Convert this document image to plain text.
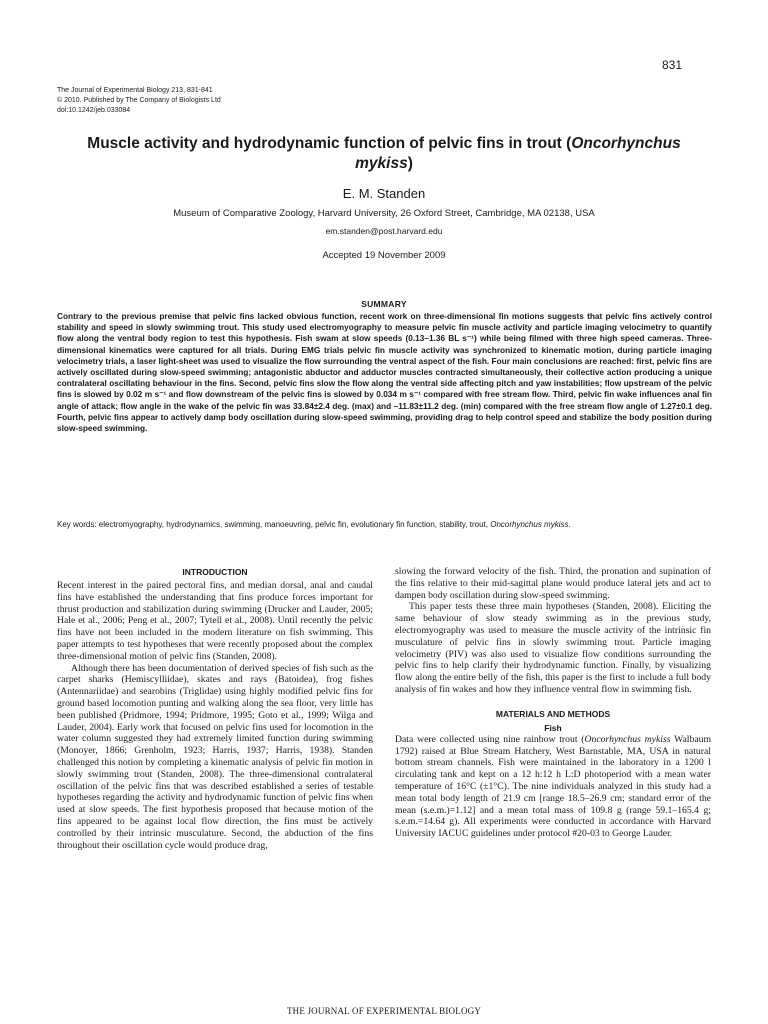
831
The Journal of Experimental Biology 213, 831-841
© 2010. Published by The Company of Biologists Ltd
doi:10.1242/jeb.033084
Muscle activity and hydrodynamic function of pelvic fins in trout (Oncorhynchus mykiss)
E. M. Standen
Museum of Comparative Zoology, Harvard University, 26 Oxford Street, Cambridge, MA 02138, USA
em.standen@post.harvard.edu
Accepted 19 November 2009
SUMMARY
Contrary to the previous premise that pelvic fins lacked obvious function, recent work on three-dimensional fin motions suggests that pelvic fins actively control stability and speed in slowly swimming trout. This study used electromyography to measure pelvic fin muscle activity and particle imaging velocimetry to quantify flow along the ventral body region to test this hypothesis. Fish swam at slow speeds (0.13–1.36 BL s⁻¹) while being filmed with three high speed cameras. Three-dimensional kinematics were captured for all trials. During EMG trials pelvic fin muscle activity was synchronized to kinematic motion, during particle imaging velocimetry trials, a laser light-sheet was used to visualize the flow surrounding the ventral aspect of the fish. Four main conclusions are reached: first, pelvic fins are actively oscillated during slow-speed swimming; antagonistic abductor and adductor muscles contracted simultaneously, their collective action producing a unique contralateral oscillating behaviour in the fins. Second, pelvic fins slow the flow along the ventral side affecting pitch and yaw instabilities; flow upstream of the pelvic fins is slowed by 0.02 m s⁻¹ and flow downstream of the pelvic fins is slowed by 0.034 m s⁻¹ compared with free stream flow. Third, pelvic fin wake influences anal fin angle of attack; flow angle in the wake of the pelvic fin was 33.84±2.4 deg. (max) and –11.83±11.2 deg. (min) compared with the free stream flow angle of 1.27±0.1 deg. Fourth, pelvic fins appear to actively damp body oscillation during slow-speed swimming, providing drag to help control speed and stabilize the body position during slow-speed swimming.
Key words: electromyography, hydrodynamics, swimming, manoeuvring, pelvic fin, evolutionary fin function, stability, trout, Oncorhynchus mykiss.
INTRODUCTION

Recent interest in the paired pectoral fins, and median dorsal, anal and caudal fins have established the understanding that fins produce forces important for thrust production and stabilization during swimming (Drucker and Lauder, 2005; Hale et al., 2006; Peng et al., 2007; Tytell et al., 2008). Until recently the pelvic fins have not been included in the modern literature on fish swimming. This paper attempts to test hypotheses that were recently proposed about the complex three-dimensional motion of pelvic fins (Standen, 2008).

Although there has been documentation of derived species of fish such as the carpet sharks (Hemiscylliidae), skates and rays (Batoidea), frog fishes (Antennariidae) and searobins (Triglidae) using highly modified pelvic fins for ground based locomotion punting and walking along the sea floor, very little has been published (Pridmore, 1994; Pridmore, 1995; Goto et al., 1999; Wilga and Lauder, 2004). Early work that focused on pelvic fins used for locomotion in the water column suggested they had extremely limited function during swimming (Monoyer, 1866; Grenholm, 1923; Harris, 1937; Harris, 1938). Standen challenged this notion by completing a kinematic analysis of pelvic fin motion in slowly swimming trout (Standen, 2008). The three-dimensional contralateral oscillation of the pelvic fins that was described established a series of testable hypotheses regarding the activity and hydrodynamic function of pelvic fins when used at slow speeds. The first hypothesis proposed that because motion of the fins appeared to be against local flow direction, the fins must be actively controlled by their intrinsic musculature. Second, the abduction of the fins throughout their oscillation cycle would produce drag,

slowing the forward velocity of the fish. Third, the pronation and supination of the fins relative to their mid-sagittal plane would produce lateral jets and act to dampen body oscillation during slow-speed swimming.

This paper tests these three main hypotheses (Standen, 2008). Eliciting the same behaviour of slow steady swimming as in the previous study, electromyography was used to measure the muscle activity of the intrinsic fin musculature of pelvic fins in slowly swimming trout. Particle imaging velocimetry (PIV) was also used to visualize flow conditions surrounding the pelvic fins to help clarify their hydrodynamic function. Finally, by visualizing flow along the entire belly of the fish, this paper is the first to include a full body analysis of fin wakes and how they influence ventral flow in swimming fish.

MATERIALS AND METHODS
Fish

Data were collected using nine rainbow trout (Oncorhynchus mykiss Walbaum 1792) raised at Blue Stream Hatchery, West Barnstable, MA, USA in natural bottom stream channels. Fish were maintained in the laboratory in a 1200 l circulating tank and kept on a 12 h:12 h L:D photoperiod with a mean water temperature of 16°C (±1°C). The nine individuals analyzed in this study had a mean total body length of 21.9 cm [range 18.5–26.9 cm; standard error of the mean (s.e.m.)=1.12] and a mean total mass of 109.8 g (range 59.1–165.4 g; s.e.m.=14.64 g). All experiments were conducted in accordance with Harvard University IACUC guidelines under protocol #20-03 to George Lauder.

THE JOURNAL OF EXPERIMENTAL BIOLOGY
